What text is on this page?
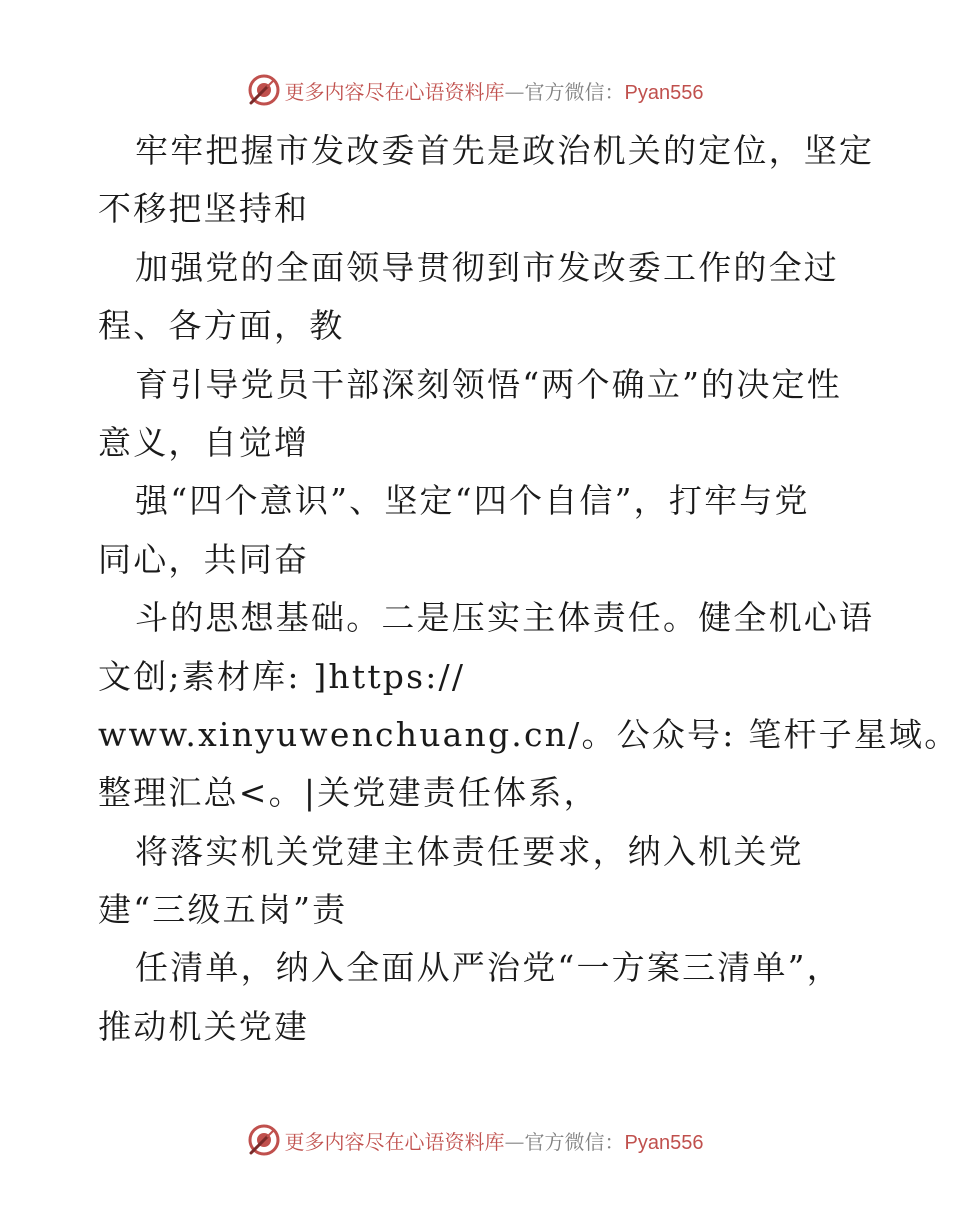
更多内容尽在心语资料库—官方微信：Pyan556
牢牢把握市发改委首先是政治机关的定位，坚定
不移把坚持和
加强党的全面领导贯彻到市发改委工作的全过
程、各方面，教
育引导党员干部深刻领悟“两个确立”的决定性
意义，自觉增
强“四个意识”、坚定“四个自信”，打牢与党
同心，共同奋
斗的思想基础。二是压实主体责任。健全机心语
文创;素材库: ]https://
www.xinyuwenchuang.cn/。公众号: 笔杆子星域。
整理汇总<。|关党建责任体系，
将落实机关党建主体责任要求，纳入机关党
建“三级五岗”责
任清单，纳入全面从严治党“一方案三清单”，
推动机关党建
更多内容尽在心语资料库—官方微信：Pyan556
